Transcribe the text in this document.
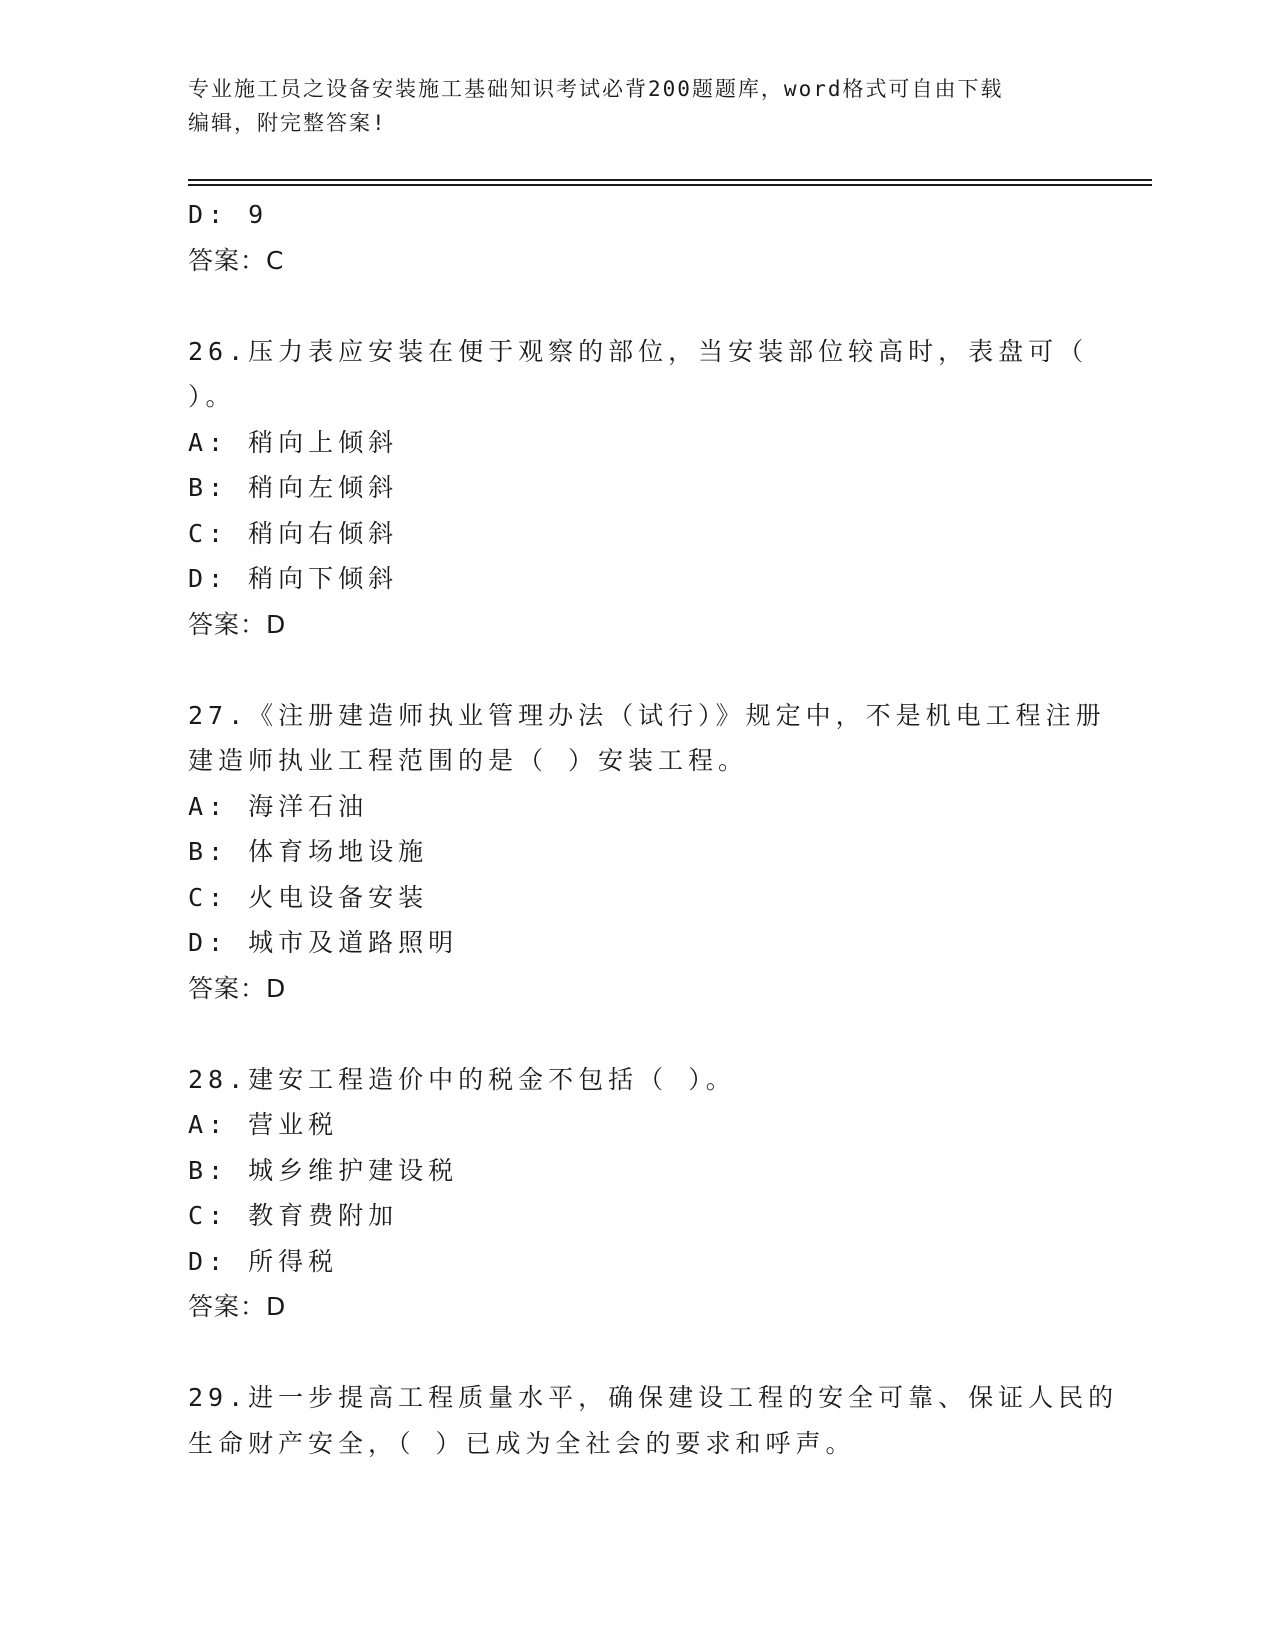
专业施工员之设备安装施工基础知识考试必背200题题库，word格式可自由下载
编辑，附完整答案!
D: 9
答案：C
26.压力表应安装在便于观察的部位，当安装部位较高时，表盘可（
）。
A: 稍向上倾斜
B: 稍向左倾斜
C: 稍向右倾斜
D: 稍向下倾斜
答案：D
27.《注册建造师执业管理办法（试行）》规定中，不是机电工程注册
建造师执业工程范围的是（ ）安装工程。
A: 海洋石油
B: 体育场地设施
C: 火电设备安装
D: 城市及道路照明
答案：D
28.建安工程造价中的税金不包括（ ）。
A: 营业税
B: 城乡维护建设税
C: 教育费附加
D: 所得税
答案：D
29.进一步提高工程质量水平，确保建设工程的安全可靠、保证人民的
生命财产安全，（ ）已成为全社会的要求和呼声。
